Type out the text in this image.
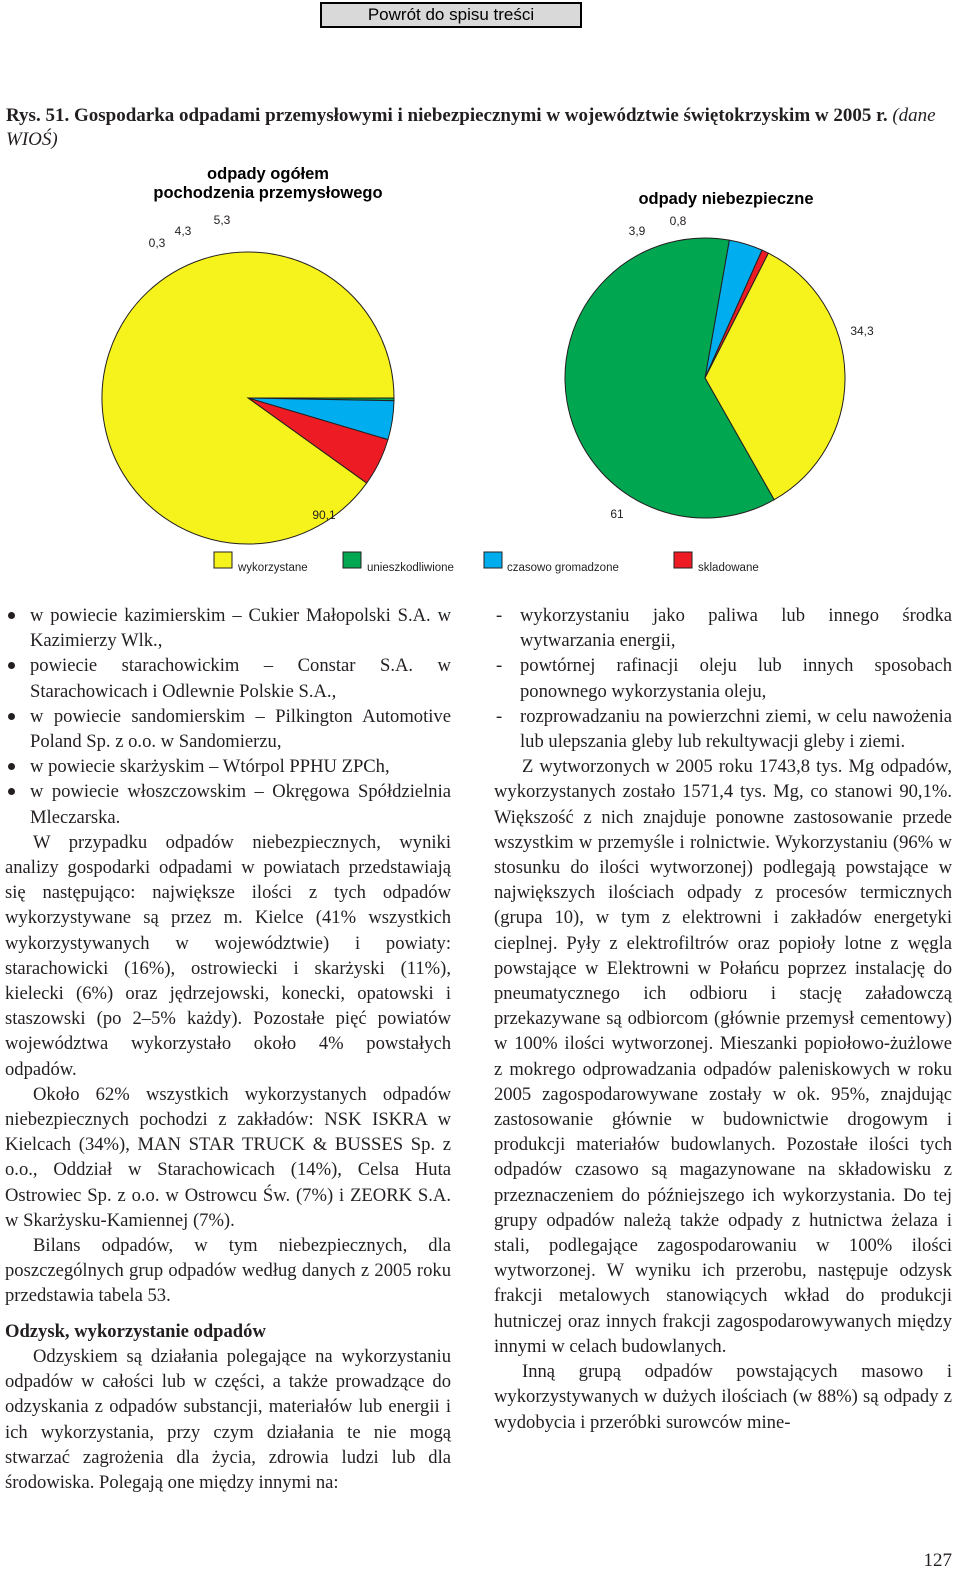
Powrót do spisu treści
Rys. 51. Gospodarka odpadami przemysłowymi i niebezpiecznymi w województwie świętokrzyskim w 2005 r. (dane WIOŚ)
odpady ogółem
pochodzenia przemysłowego	odpady niebezpieczne
90,1
0,3
4,3
5,3
34,3
61
3,9
0,8
wykorzystane	unieszkodliwione	czasowo gromadzone	skladowane

w powiecie kazimierskim – Cukier Małopolski S.A. w Kazimierzy Wlk.,

powiecie starachowickim – Constar S.A. w Starachowicach i Odlewnie Polskie S.A.,

w powiecie sandomierskim – Pilkington Automotive Poland Sp. z o.o. w Sandomierzu,

w powiecie skarżyskim – Wtórpol PPHU ZPCh,

w powiecie włoszczowskim – Okręgowa Spółdzielnia Mleczarska.

W przypadku odpadów niebezpiecznych, wyniki analizy gospodarki odpadami w powiatach przedstawiają się następująco: największe ilości z tych odpadów wykorzystywane są przez m. Kielce (41% wszystkich wykorzystywanych w województwie) i powiaty: starachowicki (16%), ostrowiecki i skarżyski (11%), kielecki (6%) oraz jędrzejowski, konecki, opatowski i staszowski (po 2–5% każdy). Pozostałe pięć powiatów województwa wykorzystało około 4% powstałych odpadów.

Około 62% wszystkich wykorzystanych odpadów niebezpiecznych pochodzi z zakładów: NSK ISKRA w Kielcach (34%), MAN STAR TRUCK & BUSSES Sp. z o.o., Oddział w Starachowicach (14%), Celsa Huta Ostrowiec Sp. z o.o. w Ostrowcu Św. (7%) i ZEORK S.A. w Skarżysku-Kamiennej (7%).

Bilans odpadów, w tym niebezpiecznych, dla poszczególnych grup odpadów według danych z 2005 roku przedstawia tabela 53.

Odzysk, wykorzystanie odpadów

Odzyskiem są działania polegające na wykorzystaniu odpadów w całości lub w części, a także prowadzące do odzyskania z odpadów substancji, materiałów lub energii i ich wykorzystania, przy czym działania te nie mogą stwarzać zagrożenia dla życia, zdrowia ludzi lub dla środowiska. Polegają one między innymi na:

- wykorzystaniu jako paliwa lub innego środka wytwarzania energii,

- powtórnej rafinacji oleju lub innych sposobach ponownego wykorzystania oleju,

- rozprowadzaniu na powierzchni ziemi, w celu nawożenia lub ulepszania gleby lub rekultywacji gleby i ziemi.

Z wytworzonych w 2005 roku 1743,8 tys. Mg odpadów, wykorzystanych zostało 1571,4 tys. Mg, co stanowi 90,1%. Większość z nich znajduje ponowne zastosowanie przede wszystkim w przemyśle i rolnictwie. Wykorzystaniu (96% w stosunku do ilości wytworzonej) podlegają powstające w największych ilościach odpady z procesów termicznych (grupa 10), w tym z elektrowni i zakładów energetyki cieplnej. Pyły z elektrofiltrów oraz popioły lotne z węgla powstające w Elektrowni w Połańcu poprzez instalację do pneumatycznego ich odbioru i stację załadowczą przekazywane są odbiorcom (głównie przemysł cementowy) w 100% ilości wytworzonej. Mieszanki popiołowo-żużlowe z mokrego odprowadzania odpadów paleniskowych w roku 2005 zagospodarowywane zostały w ok. 95%, znajdując zastosowanie głównie w budownictwie drogowym i produkcji materiałów budowlanych. Pozostałe ilości tych odpadów czasowo są magazynowane na składowisku z przeznaczeniem do późniejszego ich wykorzystania. Do tej grupy odpadów należą także odpady z hutnictwa żelaza i stali, podlegające zagospodarowaniu w 100% ilości wytworzonej. W wyniku ich przerobu, następuje odzysk frakcji metalowych stanowiących wkład do produkcji hutniczej oraz innych frakcji zagospodarowywanych między innymi w celach budowlanych.

Inną grupą odpadów powstających masowo i wykorzystywanych w dużych ilościach (w 88%) są odpady z wydobycia i przeróbki surowców mine-

127
